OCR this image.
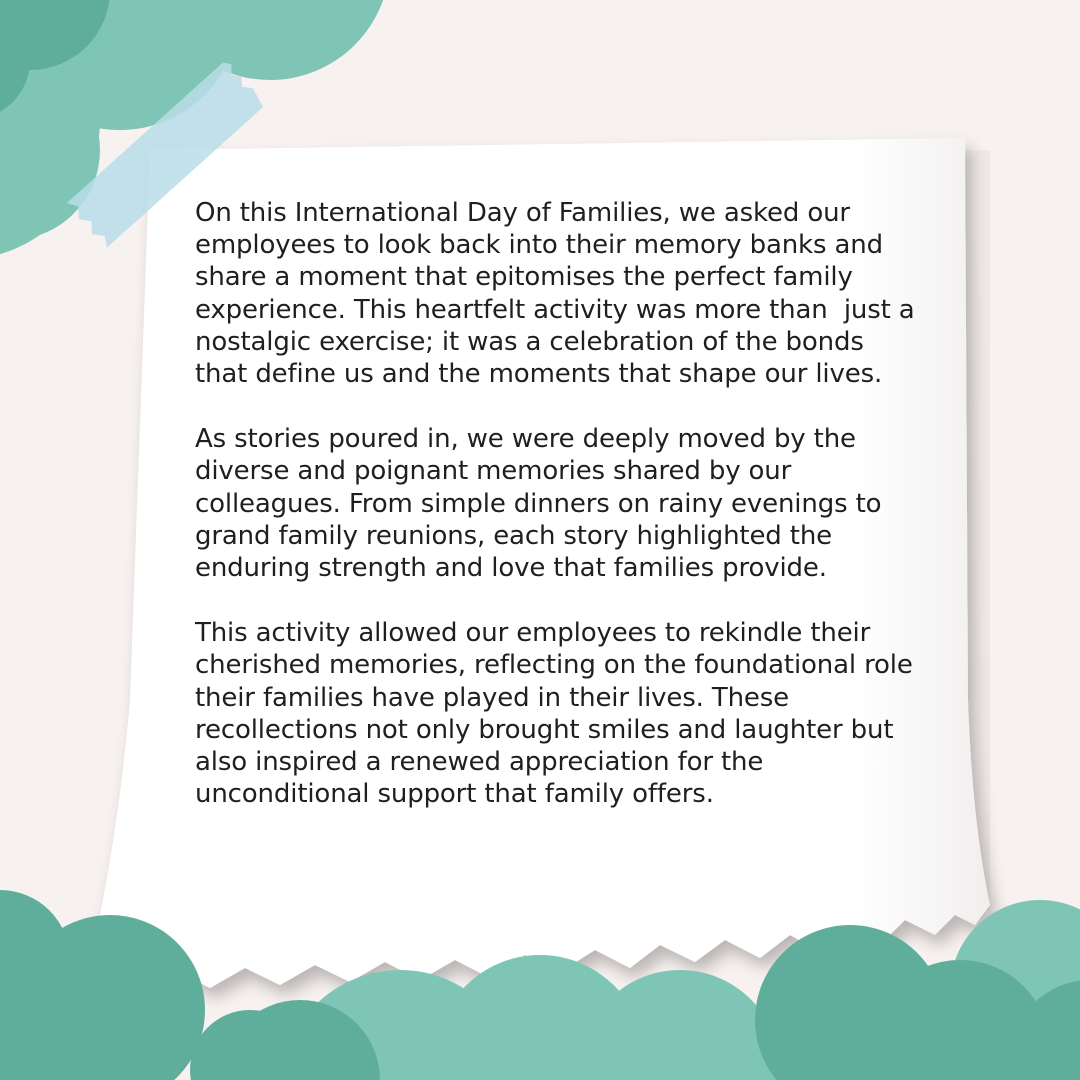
On this International Day of Families, we asked our
employees to look back into their memory banks and
share a moment that epitomises the perfect family
experience. This heartfelt activity was more than  just a
nostalgic exercise; it was a celebration of the bonds
that define us and the moments that shape our lives.

As stories poured in, we were deeply moved by the
diverse and poignant memories shared by our
colleagues. From simple dinners on rainy evenings to
grand family reunions, each story highlighted the
enduring strength and love that families provide.

This activity allowed our employees to rekindle their
cherished memories, reflecting on the foundational role
their families have played in their lives. These
recollections not only brought smiles and laughter but
also inspired a renewed appreciation for the
unconditional support that family offers.
